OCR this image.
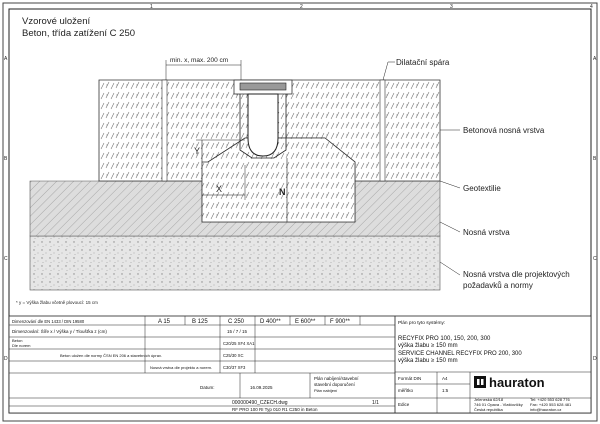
1	2	3	4
A
B
C
D
A
B
C
D
Vzorové uložení
Beton, třída zatížení C 250
min. x, max. 200 cm
Y
X	N
Dilatační spára
Betonová nosná vrstva
Geotextilie
Nosná vrstva
Nosná vrstva dle projektových
požadavků a normy
* y = Výška žlabu včetně plovoucí: 15 cm
Dimenzování dle EN 1433 / DIN 19580	A 15	B 125	C 250	D 400** E 600** F 900**
Dimenzování: Šíře x / Výška y / Tloušťka z (cm)	15 / 7 / 15
Beton
Dle norem	C20/25 XF4 XA1
Beton uložen dle normy ČSN EN 206 a stavebních úprav.	C25/30 XC
Nosná vrstva dle projektu a norem.	C30/37 XF3
Datum:	16.09.2025
Plán nabíjení/stavební
stavební doporučení
Plán nabíjení
000000490_CZECH.dwg	1/1
RF PRO 100 RI Typ 010 R1 C250 in Beton
Plán pro tyto systémy:
RECYFIX PRO 100, 150, 200, 300
výška žlabu ≥ 150 mm
SERVICE CHANNEL RECYFIX PRO 200, 300
výška žlabu ≥ 150 mm
Formát DIN	A4
měřítko	1:5
Edice
hauraton
Jeleneská 62/18
746 01 Opava - Vlaštovičky
Česká republika
Tel: +420 553 628 776
Fax: +420 553 628 481
info@hauraton.cz
